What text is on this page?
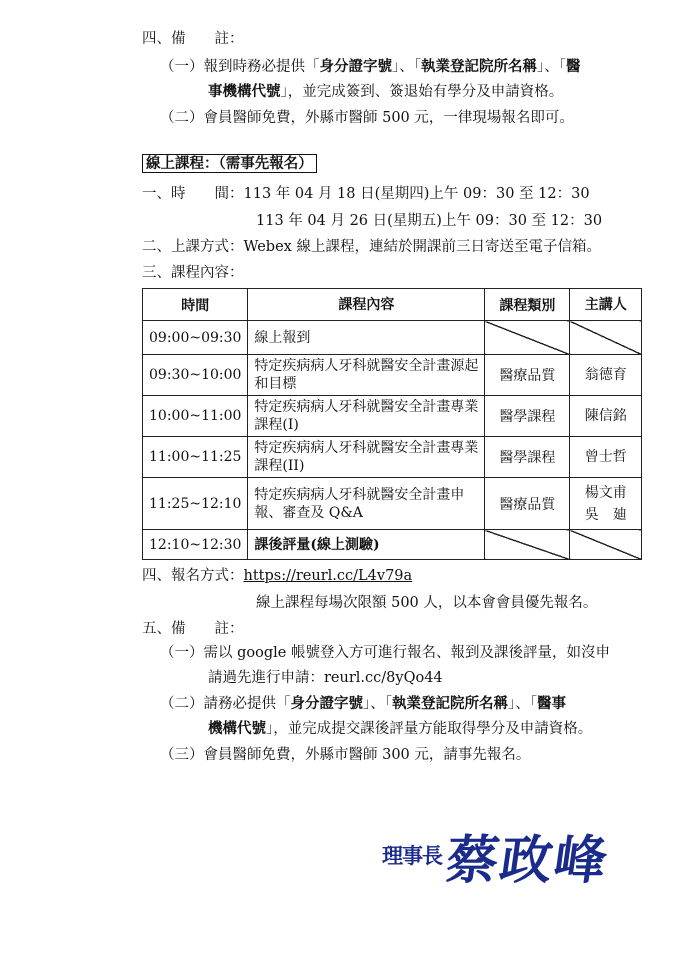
四、備　　註：
（一）報到時務必提供「身分證字號」、「執業登記院所名稱」、「醫
事機構代號」，並完成簽到、簽退始有學分及申請資格。
（二）會員醫師免費，外縣市醫師 500 元，一律現場報名即可。
線上課程：（需事先報名）
一、時　　間：113 年 04 月 18 日(星期四)上午 09：30 至 12：30
113 年 04 月 26 日(星期五)上午 09：30 至 12：30
二、上課方式：Webex 線上課程，連結於開課前三日寄送至電子信箱。
三、課程內容：
時間	課程內容	課程類別	主講人
09:00~09:30	線上報到		
09:30~10:00	特定疾病病人牙科就醫安全計畫源起和目標	醫療品質	翁德育
10:00~11:00	特定疾病病人牙科就醫安全計畫專業課程(I)	醫學課程	陳信銘
11:00~11:25	特定疾病病人牙科就醫安全計畫專業課程(II)	醫學課程	曾士哲
11:25~12:10	特定疾病病人牙科就醫安全計畫申報、審查及 Q&A	醫療品質	楊文甫
吳　廸

12:10~12:30	課後評量(線上測驗)		
四、報名方式：https://reurl.cc/L4v79a
線上課程每場次限額 500 人，以本會會員優先報名。
五、備　　註：
（一）需以 google 帳號登入方可進行報名、報到及課後評量，如沒申
請過先進行申請：reurl.cc/8yQo44
（二）請務必提供「身分證字號」、「執業登記院所名稱」、「醫事
機構代號」，並完成提交課後評量方能取得學分及申請資格。
（三）會員醫師免費，外縣市醫師 300 元，請事先報名。
理事長 蔡政峰
